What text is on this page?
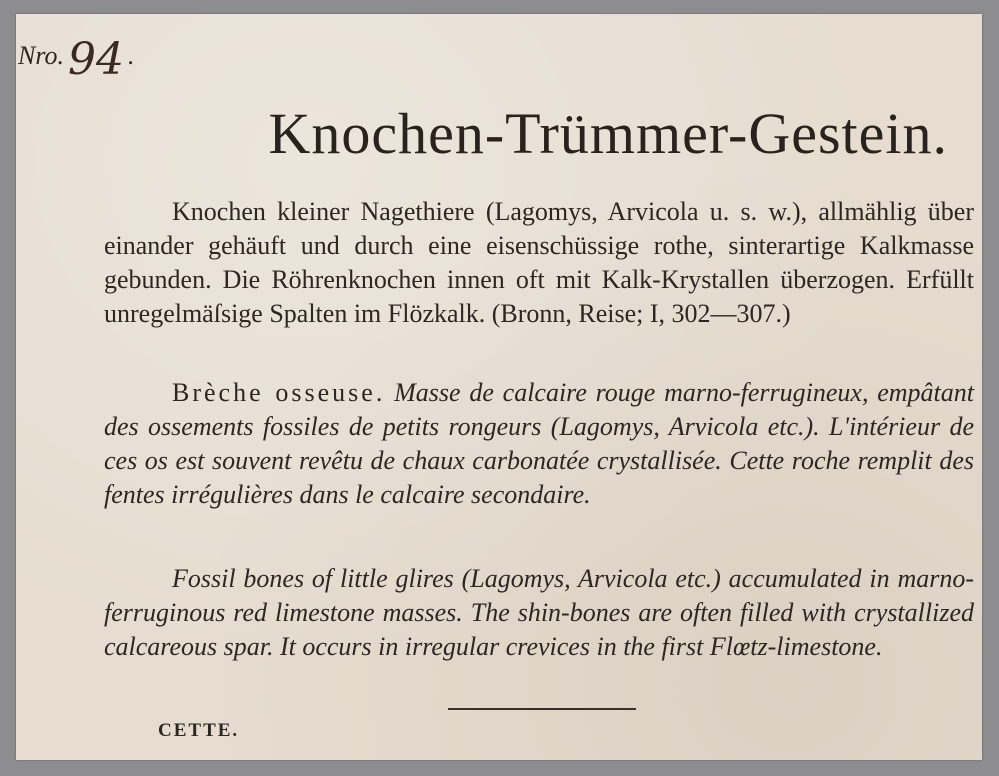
Nro.94 .
Knochen-Trümmer-Gestein.

Knochen kleiner Nagethiere (Lagomys, Arvicola u. s. w.), allmählig über einander gehäuft und durch eine eisenschüssige rothe, sinterartige Kalkmasse gebunden. Die Röhrenknochen innen oft mit Kalk-Krystallen überzogen. Erfüllt unregelmäſsige Spalten im Flözkalk. (Bronn, Reise; I, 302—307.)

Brèche osseuse. Masse de calcaire rouge marno-ferrugineux, empâtant des ossements fossiles de petits rongeurs (Lagomys, Arvicola etc.). L'intérieur de ces os est souvent revêtu de chaux carbonatée crystallisée. Cette roche remplit des fentes irrégulières dans le calcaire secondaire.

Fossil bones of little glires (Lagomys, Arvicola etc.) accumulated in marno-ferruginous red limestone masses. The shin-bones are often filled with crystallized calcareous spar. It occurs in irregular crevices in the first Flœtz-limestone.

CETTE.
